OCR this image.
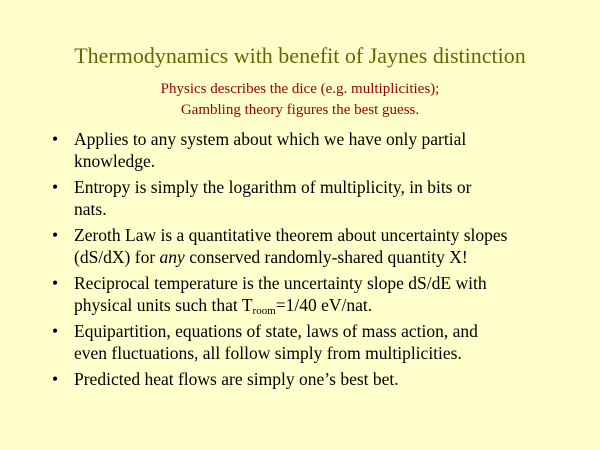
Thermodynamics with benefit of Jaynes distinction
Physics describes the dice (e.g. multiplicities);
Gambling theory figures the best guess.
• Applies to any system about which we have only partial
knowledge.
• Entropy is simply the logarithm of multiplicity, in bits or
nats.
• Zeroth Law is a quantitative theorem about uncertainty slopes
(dS/dX) for any conserved randomly-shared quantity X!
• Reciprocal temperature is the uncertainty slope dS/dE with
physical units such that $T_{room}=1/40$ eV/nat.
• Equipartition, equations of state, laws of mass action, and
even fluctuations, all follow simply from multiplicities.
• Predicted heat flows are simply one’s best bet.
